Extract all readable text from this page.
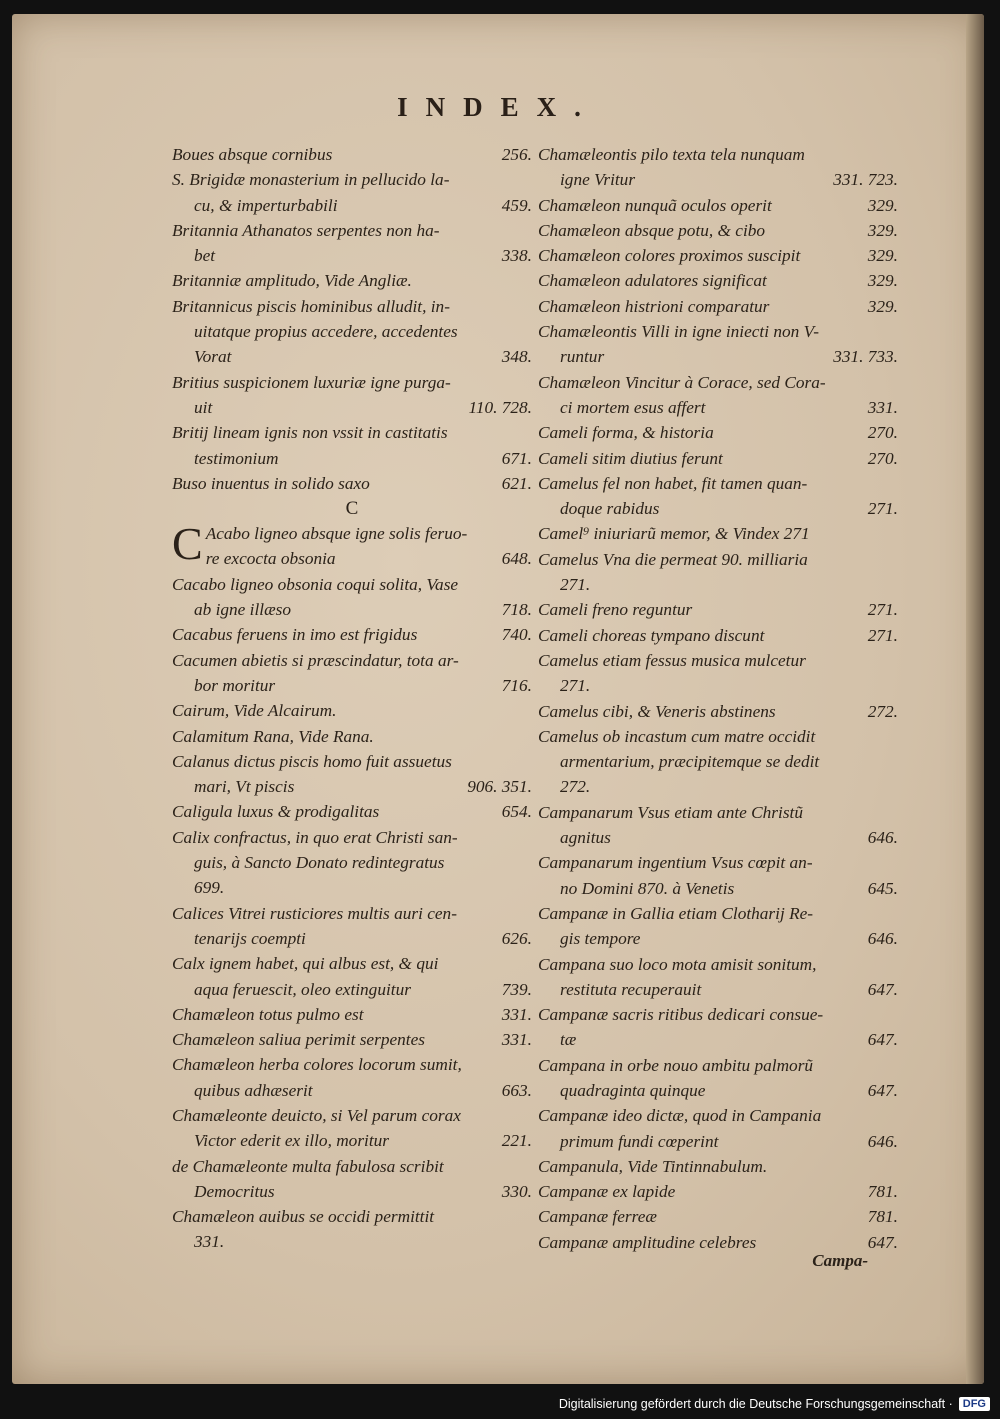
INDEX.
Boues absque cornibus	256.
S. Brigidæ monasterium in pellucido la-
cu, & imperturbabili	459.
Britannia Athanatos serpentes non ha-
bet	338.
Britanniæ amplitudo, Vide Angliæ.
Britannicus piscis hominibus alludit, in-
uitatque propius accedere, accedentes
Vorat	348.
Britius suspicionem luxuriæ igne purga-
uit	110. 728.
Britij lineam ignis non vssit in castitatis
testimonium	671.
Buso inuentus in solido saxo	621.
C
C Acabo ligneo absque igne solis feruo-
re excocta obsonia	648.
Cacabo ligneo obsonia coqui solita, Vase
ab igne illæso	718.
Cacabus feruens in imo est frigidus	740.
Cacumen abietis si præscindatur, tota ar-
bor moritur	716.
Cairum, Vide Alcairum.
Calamitum Rana, Vide Rana.
Calanus dictus piscis homo fuit assuetus
mari, Vt piscis	906. 351.
Caligula luxus & prodigalitas	654.
Calix confractus, in quo erat Christi san-
guis, à Sancto Donato redintegratus
699.
Calices Vitrei rusticiores multis auri cen-
tenarijs coempti	626.
Calx ignem habet, qui albus est, & qui
aqua feruescit, oleo extinguitur	739.
Chamæleon totus pulmo est	331.
Chamæleon saliua perimit serpentes	331.
Chamæleon herba colores locorum sumit,
quibus adhæserit	663.
Chamæleonte deuicto, si Vel parum corax
Victor ederit ex illo, moritur	221.
de Chamæleonte multa fabulosa scribit
Democritus	330.
Chamæleon auibus se occidi permittit
331.
Chamæleontis pilo texta tela nunquam
igne Vritur	331. 723.
Chamæleon nunquã oculos operit	329.
Chamæleon absque potu, & cibo	329.
Chamæleon colores proximos suscipit	329.
Chamæleon adulatores significat	329.
Chamæleon histrioni comparatur	329.
Chamæleontis Villi in igne iniecti non V-
runtur	331. 733.
Chamæleon Vincitur à Corace, sed Cora-
ci mortem esus affert	331.
Cameli forma, & historia	270.
Cameli sitim diutius ferunt	270.
Camelus fel non habet, fit tamen quan-
doque rabidus	271.
Camel⁹ iniuriarũ memor, & Vindex 271
Camelus Vna die permeat 90. milliaria
271.
Cameli freno reguntur	271.
Cameli choreas tympano discunt	271.
Camelus etiam fessus musica mulcetur
271.
Camelus cibi, & Veneris abstinens	272.
Camelus ob incastum cum matre occidit
armentarium, præcipitemque se dedit
272.
Campanarum Vsus etiam ante Christũ
agnitus	646.
Campanarum ingentium Vsus cœpit an-
no Domini 870. à Venetis	645.
Campanæ in Gallia etiam Clotharij Re-
gis tempore	646.
Campana suo loco mota amisit sonitum,
restituta recuperauit	647.
Campanæ sacris ritibus dedicari consue-
tæ	647.
Campana in orbe nouo ambitu palmorũ
quadraginta quinque	647.
Campanæ ideo dictæ, quod in Campania
primum fundi cœperint	646.
Campanula, Vide Tintinnabulum.
Campanæ ex lapide	781.
Campanæ ferreæ	781.
Campanæ amplitudine celebres	647.
Campa-
Digitalisierung gefördert durch die Deutsche Forschungsgemeinschaft · DFG
